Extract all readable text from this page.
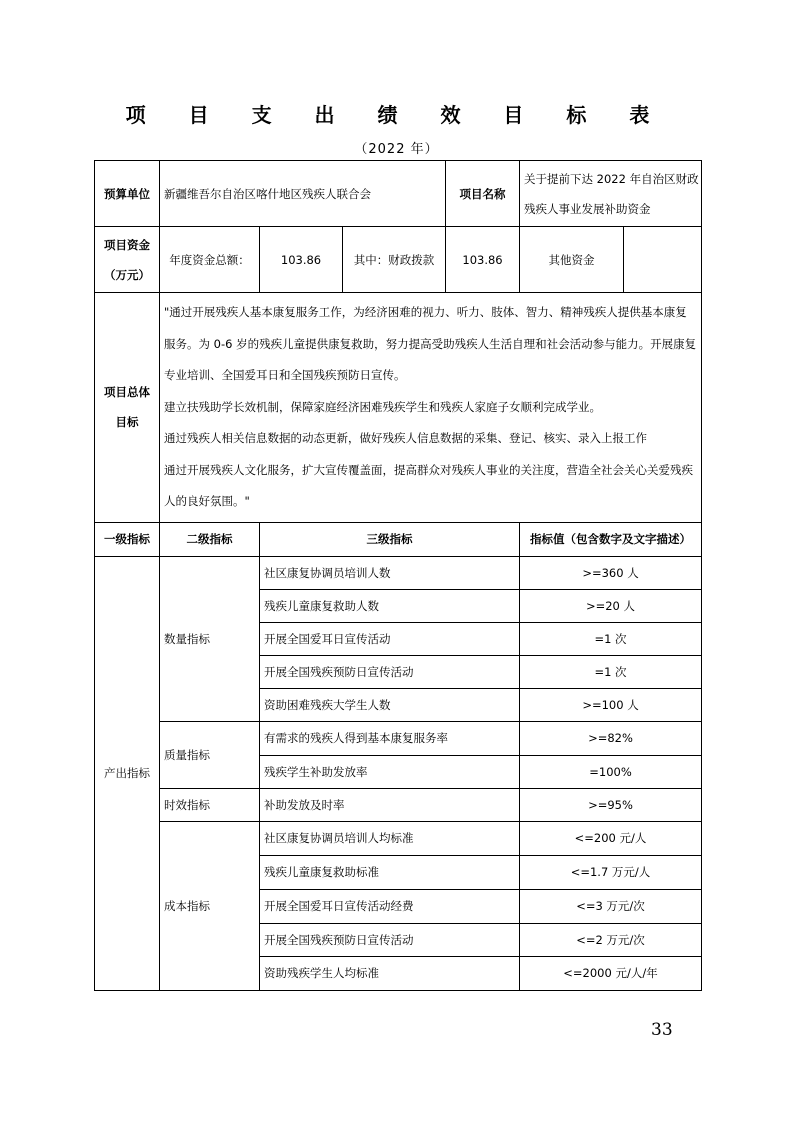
项 目 支 出 绩 效 目 标 表
（2022 年）
预算单位	新疆维吾尔自治区喀什地区残疾人联合会			项目名称	关于提前下达 2022 年自治区财政残疾人事业发展补助资金	

项目资金
（万元）	年度资金总额：	103.86	其中：财政拨款	103.86	其他资金	
项目总体目标	"通过开展残疾人基本康复服务工作，为经济困难的视力、听力、肢体、智力、精神残疾人提供基本康复服务。为 0-6 岁的残疾儿童提供康复救助，努力提高受助残疾人生活自理和社会活动参与能力。开展康复专业培训、全国爱耳日和全国残疾预防日宣传。
建立扶残助学长效机制，保障家庭经济困难残疾学生和残疾人家庭子女顺利完成学业。
通过残疾人相关信息数据的动态更新，做好残疾人信息数据的采集、登记、核实、录入上报工作
通过开展残疾人文化服务，扩大宣传覆盖面，提高群众对残疾人事业的关注度，营造全社会关心关爱残疾人的良好氛围。"					

一级指标	二级指标	三级指标			指标值（包含数字及文字描述）	
产出指标	数量指标	社区康复协调员培训人数			>=360 人	
		残疾儿童康复救助人数			>=20 人	
		开展全国爱耳日宣传活动			=1 次	
		开展全国残疾预防日宣传活动			=1 次	
		资助困难残疾大学生人数			>=100 人	
	质量指标	有需求的残疾人得到基本康复服务率			>=82%	
		残疾学生补助发放率			=100%	
	时效指标	补助发放及时率			>=95%	
	成本指标	社区康复协调员培训人均标准			<=200 元/人	
		残疾儿童康复救助标准			<=1.7 万元/人	
		开展全国爱耳日宣传活动经费			<=3 万元/次	
		开展全国残疾预防日宣传活动			<=2 万元/次	
		资助残疾学生人均标准			<=2000 元/人/年	
33
